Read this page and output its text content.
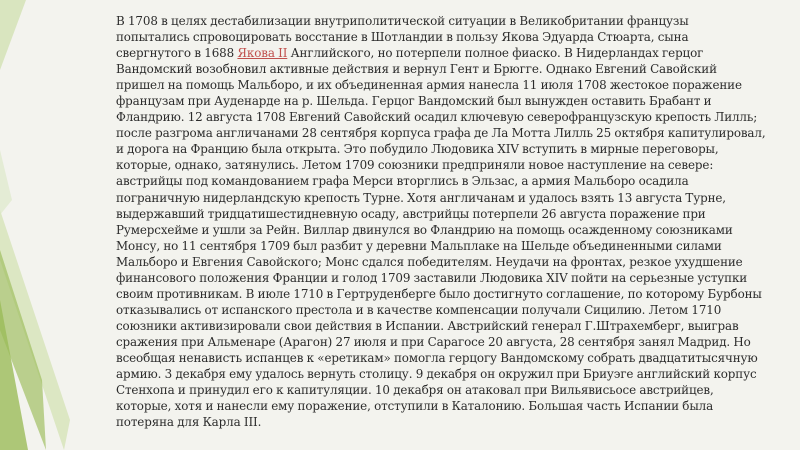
В 1708 в целях дестабилизации внутриполитической ситуации в Великобритании французы
попытались спровоцировать восстание в Шотландии в пользу Якова Эдуарда Стюарта, сына
свергнутого в 1688 Якова II Английского, но потерпели полное фиаско. В Нидерландах герцог
Вандомский возобновил активные действия и вернул Гент и Брюгге. Однако Евгений Савойский
пришел на помощь Мальборо, и их объединенная армия нанесла 11 июля 1708 жестокое поражение
французам при Ауденарде на р. Шельда. Герцог Вандомский был вынужден оставить Брабант и
Фландрию. 12 августа 1708 Евгений Савойский осадил ключевую северофранцузскую крепость Лилль;
после разгрома англичанами 28 сентября корпуса графа де Ла Мотта Лилль 25 октября капитулировал,
и дорога на Францию была открыта. Это побудило Людовика XIV вступить в мирные переговоры,
которые, однако, затянулись. Летом 1709 союзники предприняли новое наступление на севере:
австрийцы под командованием графа Мерси вторглись в Эльзас, а армия Мальборо осадила
пограничную нидерландскую крепость Турне. Хотя англичанам и удалось взять 13 августа Турне,
выдержавший тридцатишестидневную осаду, австрийцы потерпели 26 августа поражение при
Румерсхейме и ушли за Рейн. Виллар двинулся во Фландрию на помощь осажденному союзниками
Монсу, но 11 сентября 1709 был разбит у деревни Мальплаке на Шельде объединенными силами
Мальборо и Евгения Савойского; Монс сдался победителям. Неудачи на фронтах, резкое ухудшение
финансового положения Франции и голод 1709 заставили Людовика XIV пойти на серьезные уступки
своим противникам. В июле 1710 в Гертруденберге было достигнуто соглашение, по которому Бурбоны
отказывались от испанского престола и в качестве компенсации получали Сицилию. Летом 1710
союзники активизировали свои действия в Испании. Австрийский генерал Г.Штрахемберг, выиграв
сражения при Альменаре (Арагон) 27 июля и при Сарагосе 20 августа, 28 сентября занял Мадрид. Но
всеобщая ненависть испанцев к «еретикам» помогла герцогу Вандомскому собрать двадцатитысячную
армию. 3 декабря ему удалось вернуть столицу. 9 декабря он окружил при Бриуэге английский корпус
Стенхопа и принудил его к капитуляции. 10 декабря он атаковал при Вильявисьосе австрийцев,
которые, хотя и нанесли ему поражение, отступили в Каталонию. Большая часть Испании была
потеряна для Карла III.
